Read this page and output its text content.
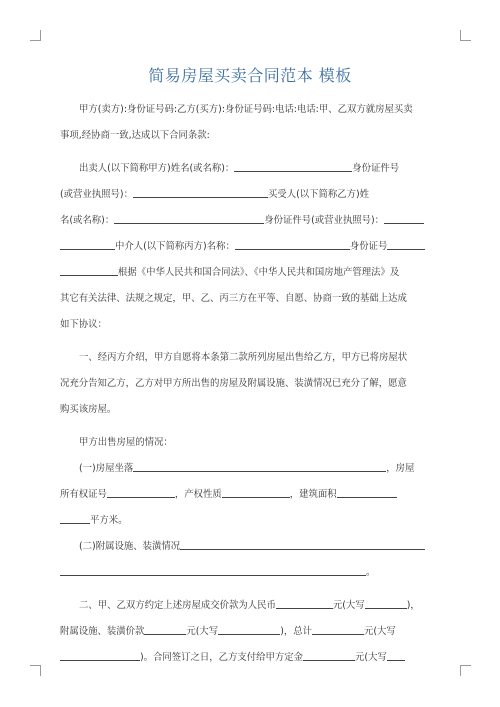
简易房屋买卖合同范本 模板
甲方(卖方):身份证号码:乙方(买方):身份证号码:电话:电话:甲、乙双方就房屋买卖
事项,经协商一致,达成以下合同条款:
出卖人(以下简称甲方)姓名(或名称)：	身份证件号
(或营业执照号)：	买受人(以下简称乙方)姓
名(或名称)：	身份证件号(或营业执照号)：
中介人(以下简称丙方)名称：	身份证号
根据《中华人民共和国合同法》、《中华人民共和国房地产管理法》及
其它有关法律、法规之规定，甲、乙、丙三方在平等、自愿、协商一致的基础上达成
如下协议：
一、经丙方介绍，甲方自愿将本条第二款所列房屋出售给乙方，甲方已将房屋状
况充分告知乙方，乙方对甲方所出售的房屋及附属设施、装潢情况已充分了解，愿意
购买该房屋。
甲方出售房屋的情况：
(一)房屋坐落	，房屋
所有权证号	，产权性质	，建筑面积
平方米。
(二)附属设施、装潢情况
。
二、甲、乙双方约定上述房屋成交价款为人民币	元(大写	)，
附属设施、装潢价款	元(大写	)，总计	元(大写
)。合同签订之日，乙方支付给甲方定金	元(大写
